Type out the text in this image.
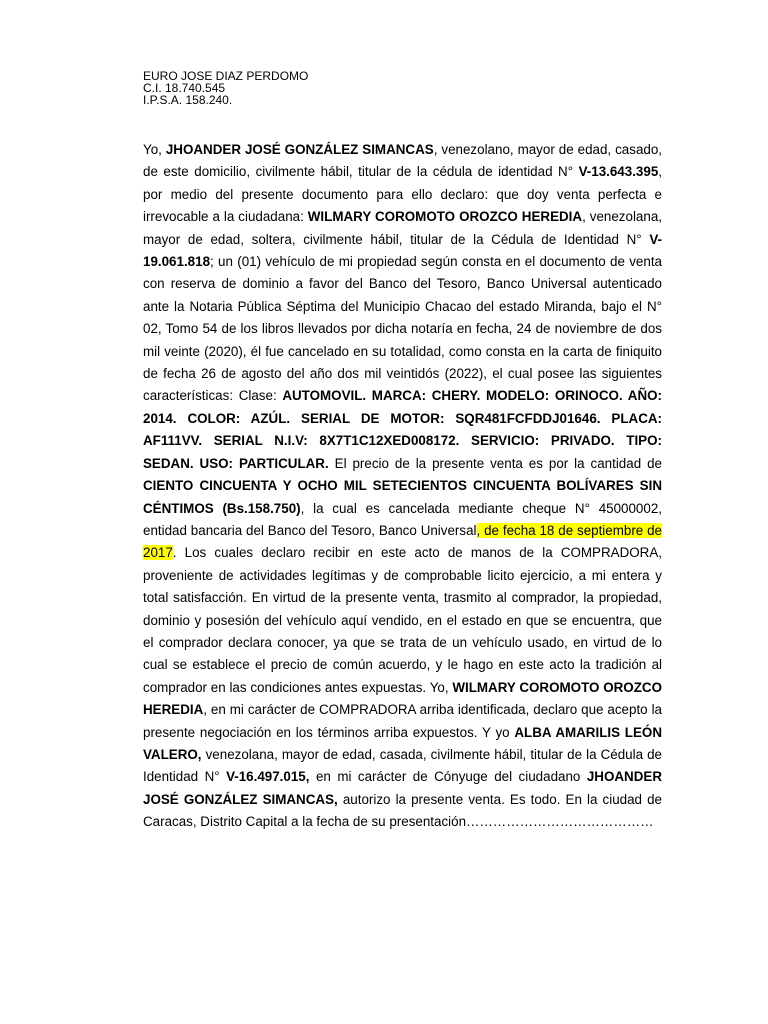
EURO JOSE DIAZ PERDOMO
C.I. 18.740.545
I.P.S.A. 158.240.
Yo, JHOANDER JOSÉ GONZÁLEZ SIMANCAS, venezolano, mayor de edad, casado, de este domicilio, civilmente hábil, titular de la cédula de identidad N° V-13.643.395, por medio del presente documento para ello declaro: que doy venta perfecta e irrevocable a la ciudadana: WILMARY COROMOTO OROZCO HEREDIA, venezolana, mayor de edad, soltera, civilmente hábil, titular de la Cédula de Identidad N° V-19.061.818; un (01) vehículo de mi propiedad según consta en el documento de venta con reserva de dominio a favor del Banco del Tesoro, Banco Universal autenticado ante la Notaria Pública Séptima del Municipio Chacao del estado Miranda, bajo el N° 02, Tomo 54 de los libros llevados por dicha notaría en fecha, 24 de noviembre de dos mil veinte (2020), él fue cancelado en su totalidad, como consta en la carta de finiquito de fecha 26 de agosto del año dos mil veintidós (2022), el cual posee las siguientes características: Clase: AUTOMOVIL. MARCA: CHERY. MODELO: ORINOCO. AÑO: 2014. COLOR: AZÚL. SERIAL DE MOTOR: SQR481FCFDDJ01646. PLACA: AF111VV. SERIAL N.I.V: 8X7T1C12XED008172. SERVICIO: PRIVADO. TIPO: SEDAN. USO: PARTICULAR. El precio de la presente venta es por la cantidad de CIENTO CINCUENTA Y OCHO MIL SETECIENTOS CINCUENTA BOLÍVARES SIN CÉNTIMOS (Bs.158.750), la cual es cancelada mediante cheque N° 45000002, entidad bancaria del Banco del Tesoro, Banco Universal, de fecha 18 de septiembre de 2017. Los cuales declaro recibir en este acto de manos de la COMPRADORA, proveniente de actividades legítimas y de comprobable licito ejercicio, a mi entera y total satisfacción. En virtud de la presente venta, trasmito al comprador, la propiedad, dominio y posesión del vehículo aquí vendido, en el estado en que se encuentra, que el comprador declara conocer, ya que se trata de un vehículo usado, en virtud de lo cual se establece el precio de común acuerdo, y le hago en este acto la tradición al comprador en las condiciones antes expuestas. Yo, WILMARY COROMOTO OROZCO HEREDIA, en mi carácter de COMPRADORA arriba identificada, declaro que acepto la presente negociación en los términos arriba expuestos. Y yo ALBA AMARILIS LEÓN VALERO, venezolana, mayor de edad, casada, civilmente hábil, titular de la Cédula de Identidad N° V-16.497.015, en mi carácter de Cónyuge del ciudadano JHOANDER JOSÉ GONZÁLEZ SIMANCAS, autorizo la presente venta. Es todo. En la ciudad de Caracas, Distrito Capital a la fecha de su presentación……………………………………
